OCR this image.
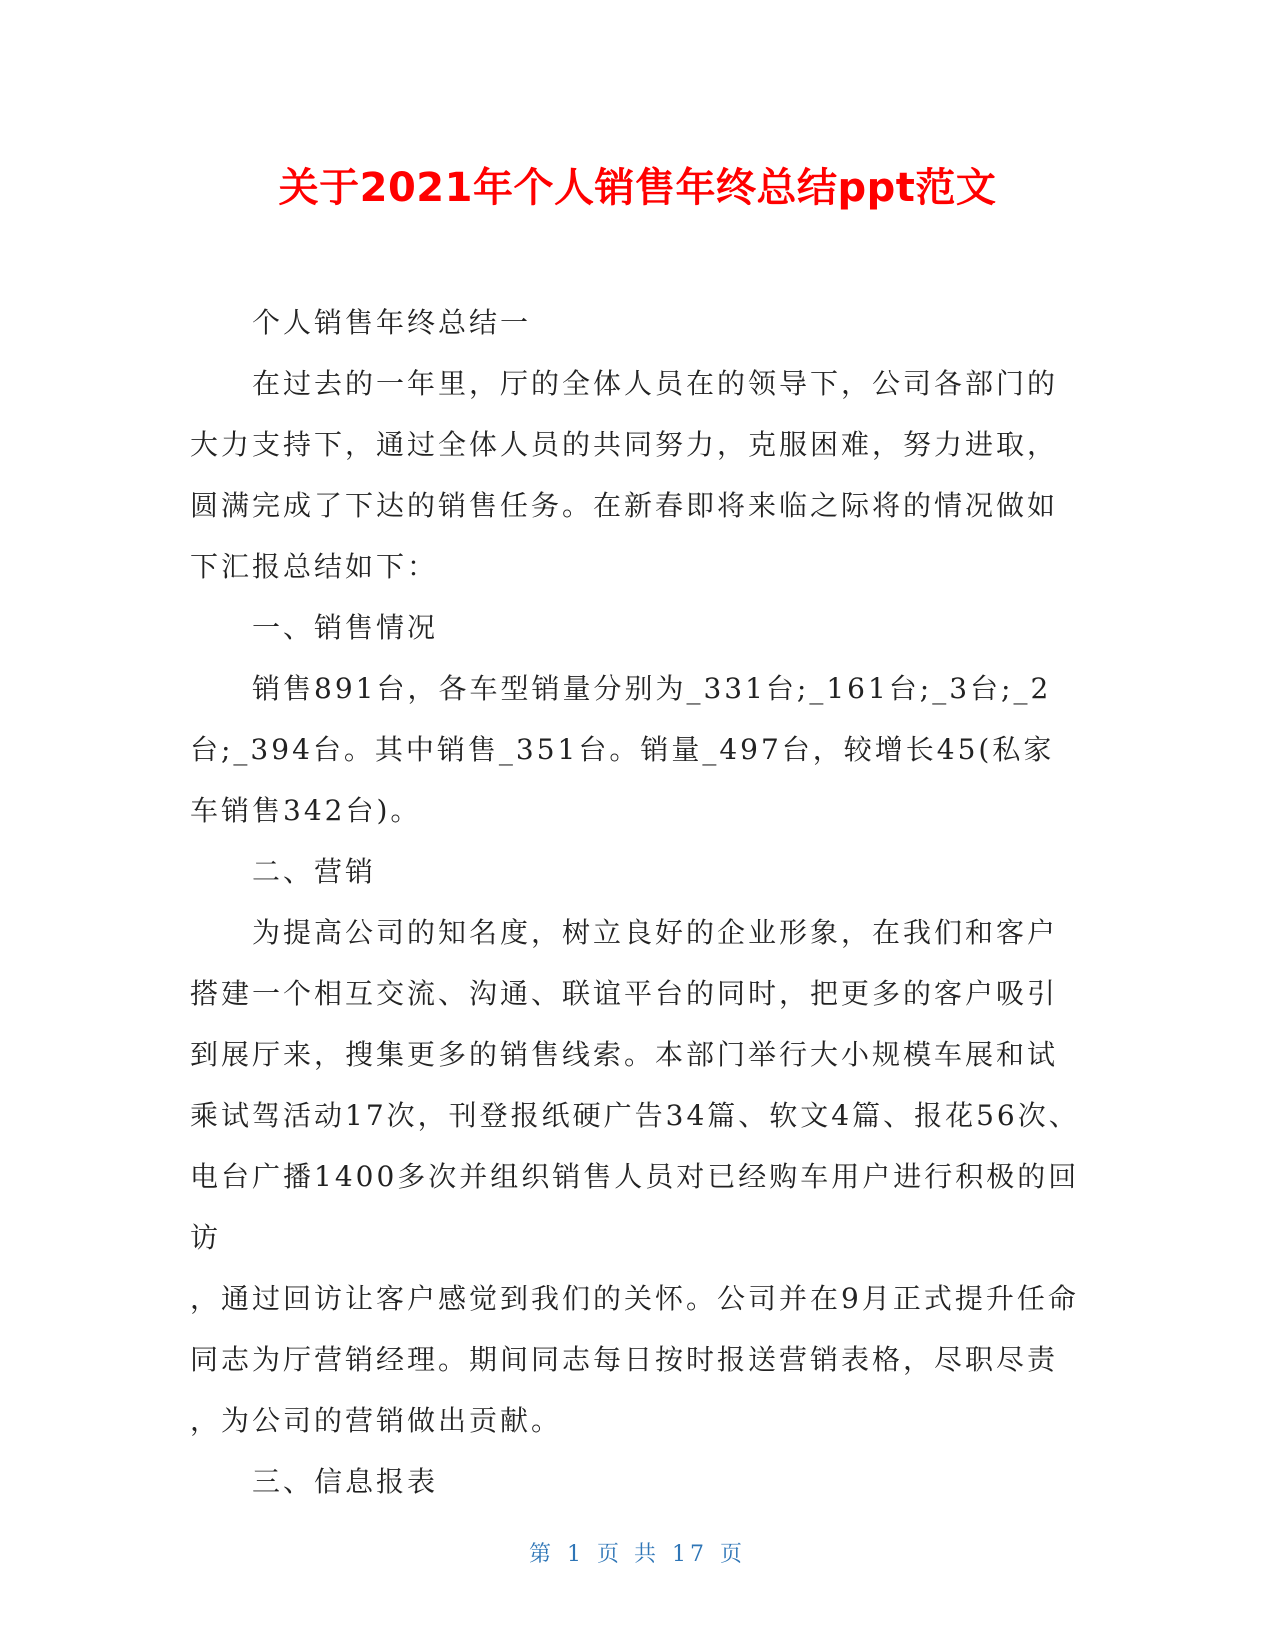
关于2021年个人销售年终总结ppt范文

个人销售年终总结一

在过去的一年里，厅的全体人员在的领导下，公司各部门的大力支持下，通过全体人员的共同努力，克服困难，努力进取，圆满完成了下达的销售任务。在新春即将来临之际将的情况做如下汇报总结如下：

一、销售情况

销售891台，各车型销量分别为_331台;_161台;_3台;_2台;_394台。其中销售_351台。销量_497台，较增长45(私家车销售342台)。

二、营销

为提高公司的知名度，树立良好的企业形象，在我们和客户搭建一个相互交流、沟通、联谊平台的同时，把更多的客户吸引到展厅来，搜集更多的销售线索。本部门举行大小规模车展和试乘试驾活动17次，刊登报纸硬广告34篇、软文4篇、报花56次、电台广播1400多次并组织销售人员对已经购车用户进行积极的回访

，通过回访让客户感觉到我们的关怀。公司并在9月正式提升任命同志为厅营销经理。期间同志每日按时报送营销表格，尽职尽责

，为公司的营销做出贡献。

三、信息报表

第 1 页 共 17 页
